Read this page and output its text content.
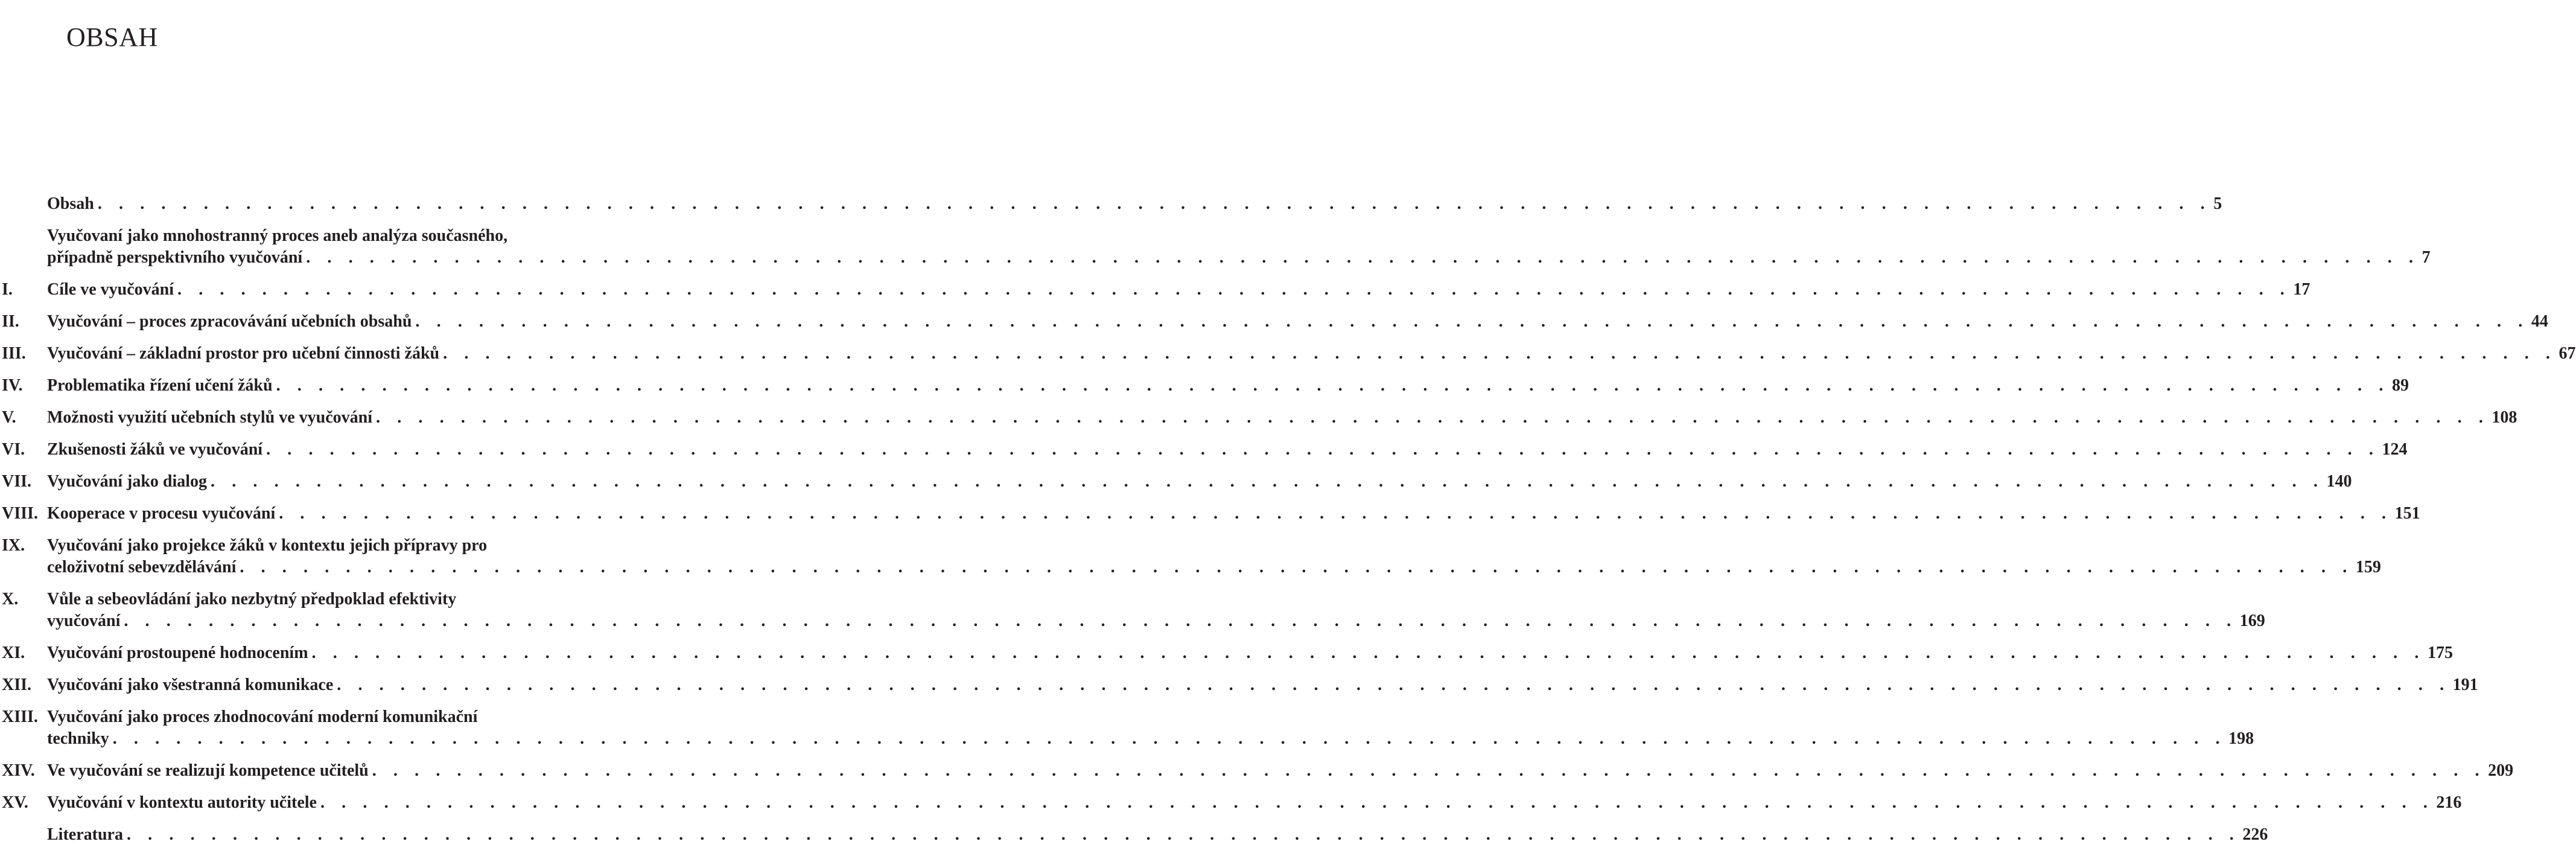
OBSAH
Obsah . . . . . . . . . . . . . . . . . . . . . . . . . . . . . . . . . . . . . . . . . . . . . . . . . . . . . . . . . . . . . . . . . . . . . . . . . . . . . . . . . . . . . . . . . . . . . . . . . . . . 5
Vyučovaní jako mnohostranný proces aneb analýza současného,
případně perspektivního vyučování . . . . . . . . . . . . . . . . . . . . . . . . . . . . . . . . . . . . . . . . . . . . . . . . . . . . . . . . . . . . . . . . . . . . . . . . . . . . . . . . . . . . . . . . . . . . . . . . . . . . 7
I. Cíle ve vyučování . . . . . . . . . . . . . . . . . . . . . . . . . . . . . . . . . . . . . . . . . . . . . . . . . . . . . . . . . . . . . . . . . . . . . . . . . . . . . . . . . . . . . . . . . . . . . . . . . . . . 17
II. Vyučování – proces zpracovávání učebních obsahů . . . . . . . . . . . . . . . . . . . . . . . . . . . . . . . . . . . . . . . . . . . . . . . . . . . . . . . . . . . . . . . . . . . . . . . . . . . . . . . . . . . . . . . . . . . . . . . . . . . . 44
III. Vyučování – základní prostor pro učební činnosti žáků . . . . . . . . . . . . . . . . . . . . . . . . . . . . . . . . . . . . . . . . . . . . . . . . . . . . . . . . . . . . . . . . . . . . . . . . . . . . . . . . . . . . . . . . . . . . . . . . . . . . 67
IV. Problematika řízení učení žáků . . . . . . . . . . . . . . . . . . . . . . . . . . . . . . . . . . . . . . . . . . . . . . . . . . . . . . . . . . . . . . . . . . . . . . . . . . . . . . . . . . . . . . . . . . . . . . . . . . . . 89
V. Možnosti využití učebních stylů ve vyučování . . . . . . . . . . . . . . . . . . . . . . . . . . . . . . . . . . . . . . . . . . . . . . . . . . . . . . . . . . . . . . . . . . . . . . . . . . . . . . . . . . . . . . . . . . . . . . . . . . . . 108
VI. Zkušenosti žáků ve vyučování . . . . . . . . . . . . . . . . . . . . . . . . . . . . . . . . . . . . . . . . . . . . . . . . . . . . . . . . . . . . . . . . . . . . . . . . . . . . . . . . . . . . . . . . . . . . . . . . . . . . 124
VII. Vyučování jako dialog . . . . . . . . . . . . . . . . . . . . . . . . . . . . . . . . . . . . . . . . . . . . . . . . . . . . . . . . . . . . . . . . . . . . . . . . . . . . . . . . . . . . . . . . . . . . . . . . . . . . 140
VIII. Kooperace v procesu vyučování . . . . . . . . . . . . . . . . . . . . . . . . . . . . . . . . . . . . . . . . . . . . . . . . . . . . . . . . . . . . . . . . . . . . . . . . . . . . . . . . . . . . . . . . . . . . . . . . . . . . 151
IX. Vyučování jako projekce žáků v kontextu jejich přípravy pro
celoživotní sebevzdělávání . . . . . . . . . . . . . . . . . . . . . . . . . . . . . . . . . . . . . . . . . . . . . . . . . . . . . . . . . . . . . . . . . . . . . . . . . . . . . . . . . . . . . . . . . . . . . . . . . . . . 159
X. Vůle a sebeovládání jako nezbytný předpoklad efektivity
vyučování . . . . . . . . . . . . . . . . . . . . . . . . . . . . . . . . . . . . . . . . . . . . . . . . . . . . . . . . . . . . . . . . . . . . . . . . . . . . . . . . . . . . . . . . . . . . . . . . . . . . 169
XI. Vyučování prostoupené hodnocením . . . . . . . . . . . . . . . . . . . . . . . . . . . . . . . . . . . . . . . . . . . . . . . . . . . . . . . . . . . . . . . . . . . . . . . . . . . . . . . . . . . . . . . . . . . . . . . . . . . . 175
XII. Vyučování jako všestranná komunikace . . . . . . . . . . . . . . . . . . . . . . . . . . . . . . . . . . . . . . . . . . . . . . . . . . . . . . . . . . . . . . . . . . . . . . . . . . . . . . . . . . . . . . . . . . . . . . . . . . . . 191
XIII. Vyučování jako proces zhodnocování moderní komunikační
techniky . . . . . . . . . . . . . . . . . . . . . . . . . . . . . . . . . . . . . . . . . . . . . . . . . . . . . . . . . . . . . . . . . . . . . . . . . . . . . . . . . . . . . . . . . . . . . . . . . . . . 198
XIV. Ve vyučování se realizují kompetence učitelů . . . . . . . . . . . . . . . . . . . . . . . . . . . . . . . . . . . . . . . . . . . . . . . . . . . . . . . . . . . . . . . . . . . . . . . . . . . . . . . . . . . . . . . . . . . . . . . . . . . . 209
XV. Vyučování v kontextu autority učitele . . . . . . . . . . . . . . . . . . . . . . . . . . . . . . . . . . . . . . . . . . . . . . . . . . . . . . . . . . . . . . . . . . . . . . . . . . . . . . . . . . . . . . . . . . . . . . . . . . . . 216
Literatura . . . . . . . . . . . . . . . . . . . . . . . . . . . . . . . . . . . . . . . . . . . . . . . . . . . . . . . . . . . . . . . . . . . . . . . . . . . . . . . . . . . . . . . . . . . . . . . . . . . . 226
